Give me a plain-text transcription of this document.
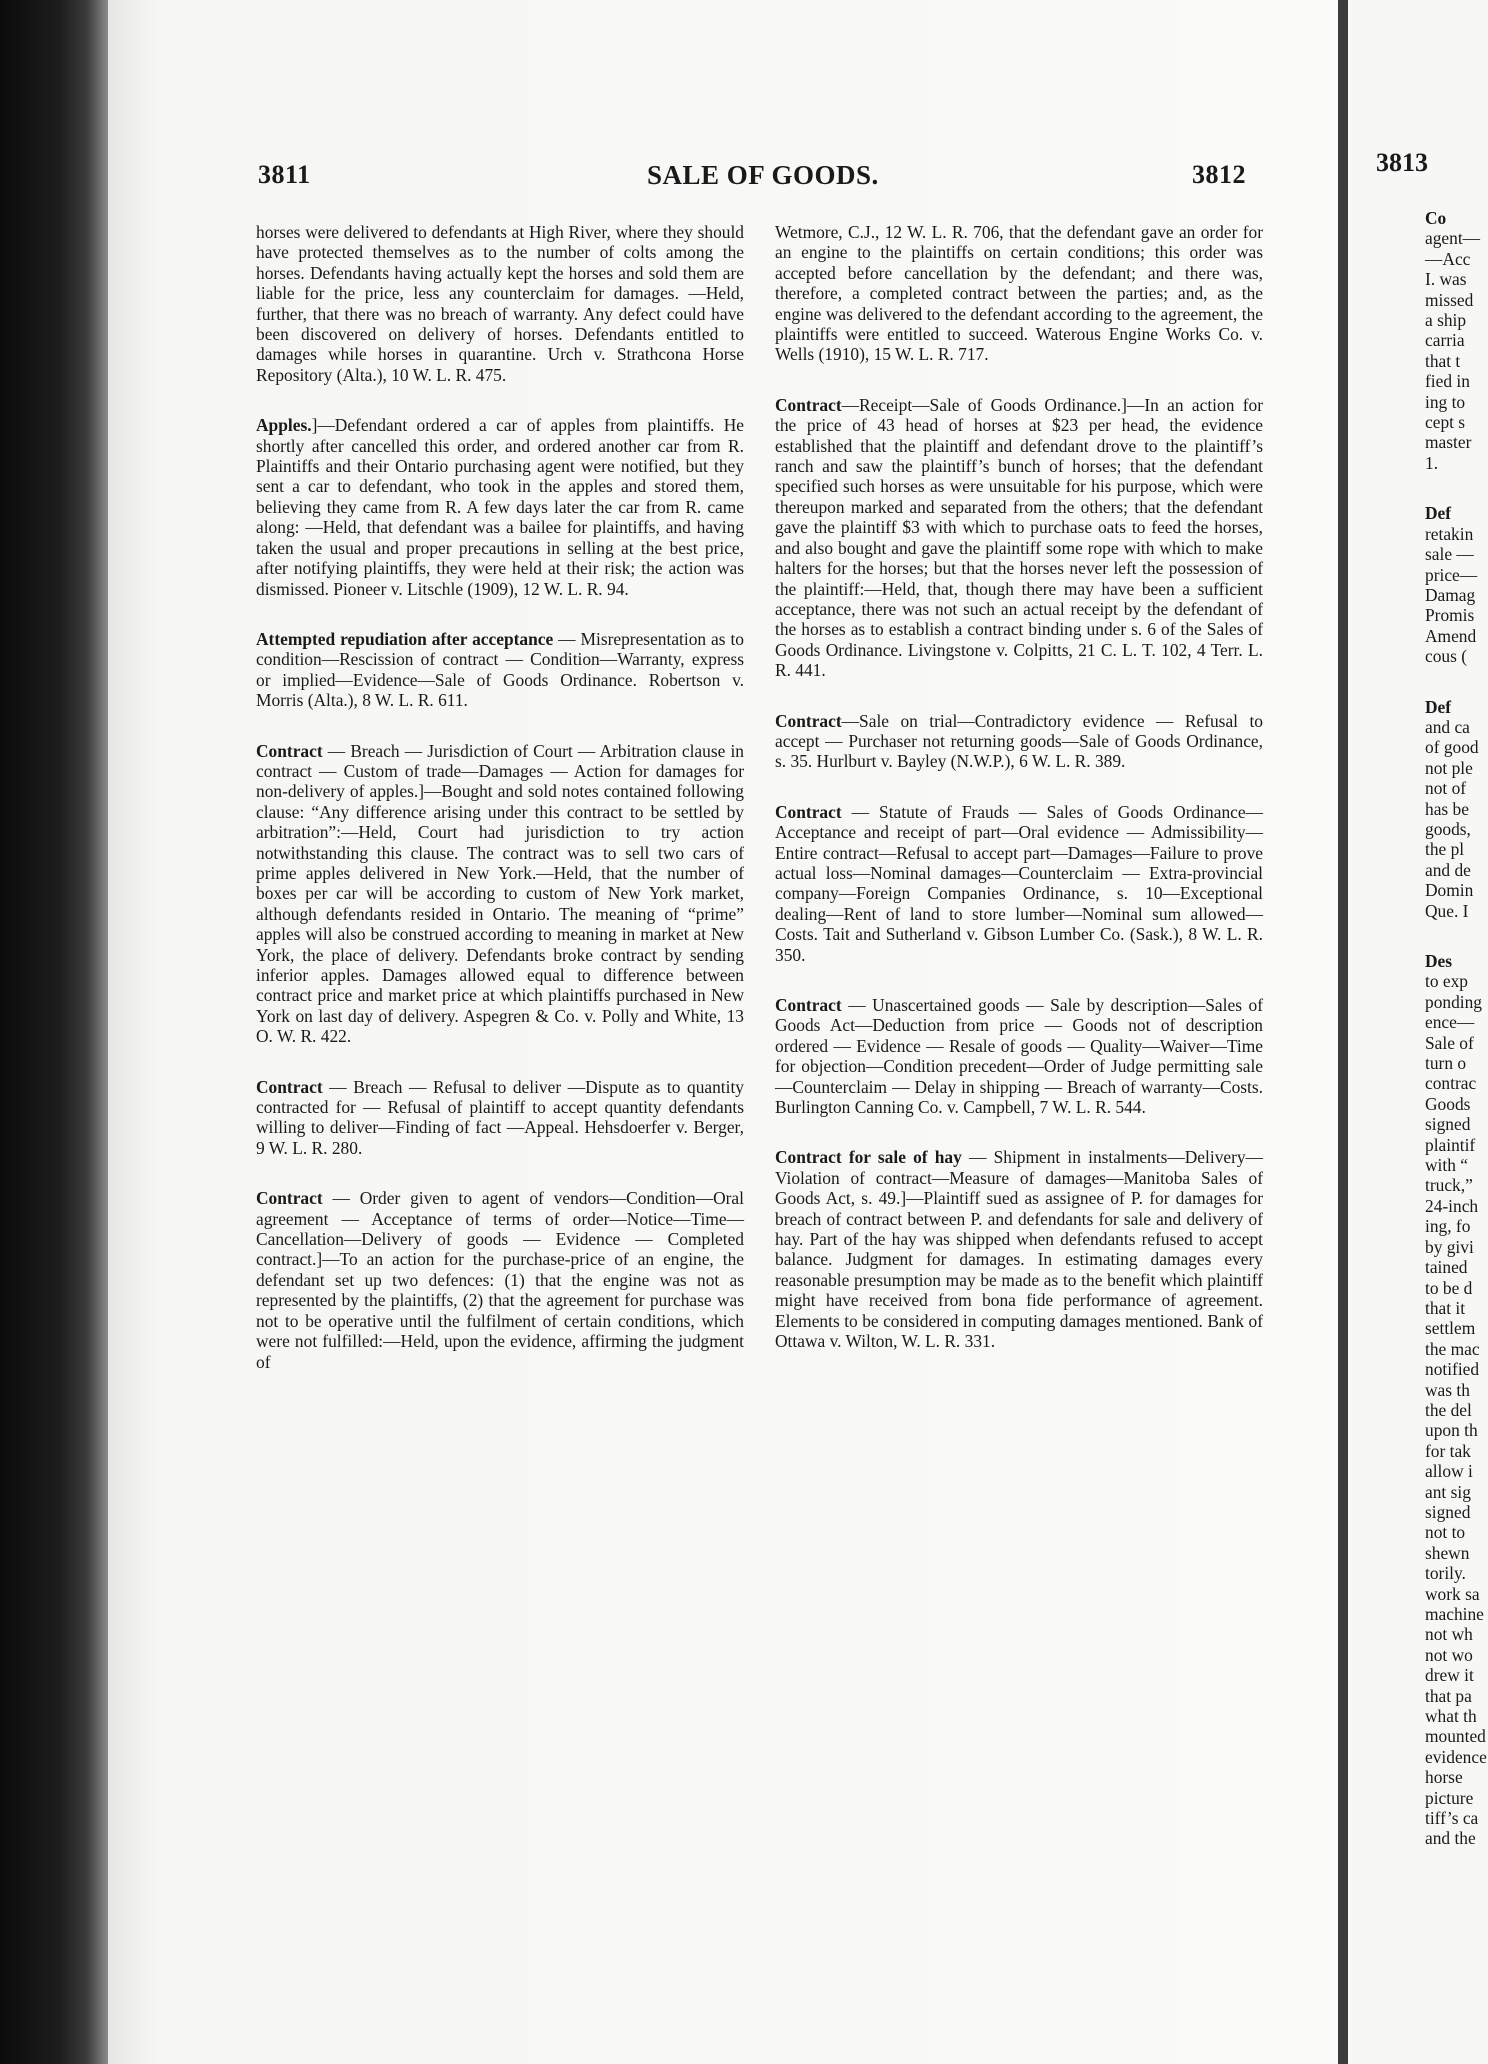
3813
3811	SALE OF GOODS.	3812

horses were delivered to defendants at High River, where they should have protected themselves as to the number of colts among the horses. Defendants having actually kept the horses and sold them are liable for the price, less any counterclaim for damages. —Held, further, that there was no breach of warranty. Any defect could have been discovered on delivery of horses. Defendants entitled to damages while horses in quarantine. Urch v. Strathcona Horse Repository (Alta.), 10 W. L. R. 475.

Apples.]—Defendant ordered a car of apples from plaintiffs. He shortly after cancelled this order, and ordered another car from R. Plaintiffs and their Ontario purchasing agent were notified, but they sent a car to defendant, who took in the apples and stored them, believing they came from R. A few days later the car from R. came along: —Held, that defendant was a bailee for plaintiffs, and having taken the usual and proper precautions in selling at the best price, after notifying plaintiffs, they were held at their risk; the action was dismissed. Pioneer v. Litschle (1909), 12 W. L. R. 94.

Attempted repudiation after acceptance — Misrepresentation as to condition—Rescission of contract — Condition—Warranty, express or implied—Evidence—Sale of Goods Ordinance. Robertson v. Morris (Alta.), 8 W. L. R. 611.

Contract — Breach — Jurisdiction of Court — Arbitration clause in contract — Custom of trade—Damages — Action for damages for non-delivery of apples.]—Bought and sold notes contained following clause: “Any difference arising under this contract to be settled by arbitration”:—Held, Court had jurisdiction to try action notwithstanding this clause. The contract was to sell two cars of prime apples delivered in New York.—Held, that the number of boxes per car will be according to custom of New York market, although defendants resided in Ontario. The meaning of “prime” apples will also be construed according to meaning in market at New York, the place of delivery. Defendants broke contract by sending inferior apples. Damages allowed equal to difference between contract price and market price at which plaintiffs purchased in New York on last day of delivery. Aspegren & Co. v. Polly and White, 13 O. W. R. 422.

Contract — Breach — Refusal to deliver —Dispute as to quantity contracted for — Refusal of plaintiff to accept quantity defendants willing to deliver—Finding of fact —Appeal. Hehsdoerfer v. Berger, 9 W. L. R. 280.

Contract — Order given to agent of vendors—Condition—Oral agreement — Acceptance of terms of order—Notice—Time—Cancellation—Delivery of goods — Evidence — Completed contract.]—To an action for the purchase-price of an engine, the defendant set up two defences: (1) that the engine was not as represented by the plaintiffs, (2) that the agreement for purchase was not to be operative until the fulfilment of certain conditions, which were not fulfilled:—Held, upon the evidence, affirming the judgment of

Wetmore, C.J., 12 W. L. R. 706, that the defendant gave an order for an engine to the plaintiffs on certain conditions; this order was accepted before cancellation by the defendant; and there was, therefore, a completed contract between the parties; and, as the engine was delivered to the defendant according to the agreement, the plaintiffs were entitled to succeed. Waterous Engine Works Co. v. Wells (1910), 15 W. L. R. 717.

Contract—Receipt—Sale of Goods Ordinance.]—In an action for the price of 43 head of horses at $23 per head, the evidence established that the plaintiff and defendant drove to the plaintiff’s ranch and saw the plaintiff’s bunch of horses; that the defendant specified such horses as were unsuitable for his purpose, which were thereupon marked and separated from the others; that the defendant gave the plaintiff $3 with which to purchase oats to feed the horses, and also bought and gave the plaintiff some rope with which to make halters for the horses; but that the horses never left the possession of the plaintiff:—Held, that, though there may have been a sufficient acceptance, there was not such an actual receipt by the defendant of the horses as to establish a contract binding under s. 6 of the Sales of Goods Ordinance. Livingstone v. Colpitts, 21 C. L. T. 102, 4 Terr. L. R. 441.

Contract—Sale on trial—Contradictory evidence — Refusal to accept — Purchaser not returning goods—Sale of Goods Ordinance, s. 35. Hurlburt v. Bayley (N.W.P.), 6 W. L. R. 389.

Contract — Statute of Frauds — Sales of Goods Ordinance—Acceptance and receipt of part—Oral evidence — Admissibility—Entire contract—Refusal to accept part—Damages—Failure to prove actual loss—Nominal damages—Counterclaim — Extra-provincial company—Foreign Companies Ordinance, s. 10—Exceptional dealing—Rent of land to store lumber—Nominal sum allowed—Costs. Tait and Sutherland v. Gibson Lumber Co. (Sask.), 8 W. L. R. 350.

Contract — Unascertained goods — Sale by description—Sales of Goods Act—Deduction from price — Goods not of description ordered — Evidence — Resale of goods — Quality—Waiver—Time for objection—Condition precedent—Order of Judge permitting sale—Counterclaim — Delay in shipping — Breach of warranty—Costs. Burlington Canning Co. v. Campbell, 7 W. L. R. 544.

Contract for sale of hay — Shipment in instalments—Delivery—Violation of contract—Measure of damages—Manitoba Sales of Goods Act, s. 49.]—Plaintiff sued as assignee of P. for damages for breach of contract between P. and defendants for sale and delivery of hay. Part of the hay was shipped when defendants refused to accept balance. Judgment for damages. In estimating damages every reasonable presumption may be made as to the benefit which plaintiff might have received from bona fide performance of agreement. Elements to be considered in computing damages mentioned. Bank of Ottawa v. Wilton, W. L. R. 331.

Co
agent—
—Acc
I. was
missed
a ship
carria
that t
fied in
ing to
cept s
master
1.
Def
retakin
sale —
price—
Damag
Promis
Amend
cous (
Def
and ca
of good
not ple
not of
has be
goods,
the pl
and de
Domin
Que. I
Des
to exp
ponding
ence—
Sale of
turn o
contrac
Goods
signed
plaintif
with “
truck,”
24-inch
ing, fo
by givi
tained
to be d
that it
settlem
the mac
notified
was th
the del
upon th
for tak
allow i
ant sig
signed
not to
shewn
torily.
work sa
machine
not wh
not wo
drew it
that pa
what th
mounted
evidence
horse
picture
tiff’s ca
and the
